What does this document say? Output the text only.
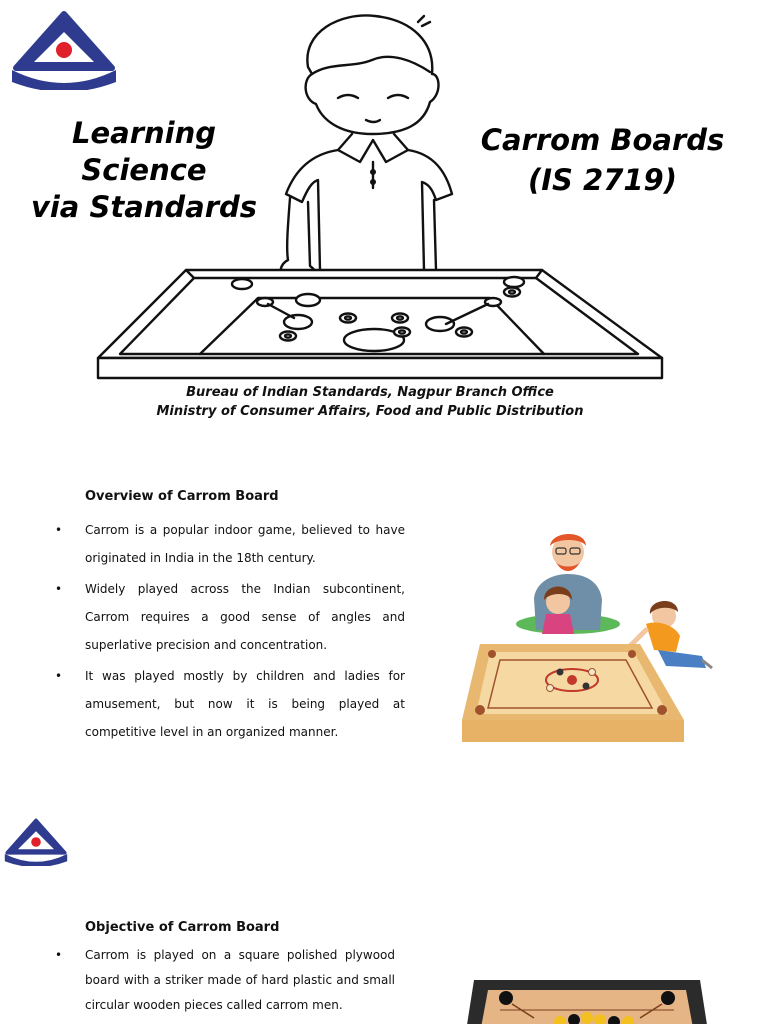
मानकः पथप्रदर्शकः
Learning Science
via Standards
Carrom Boards
(IS 2719)
Bureau of Indian Standards, Nagpur Branch Office
Ministry of Consumer Affairs, Food and Public Distribution
Overview of Carrom Board
• Carrom is a popular indoor game, believed to have originated in India in the 18th century.
• Widely played across the Indian subcontinent, Carrom requires a good sense of angles and superlative precision and concentration.
• It was played mostly by children and ladies for amusement, but now it is being played at competitive level in an organized manner.
Objective of Carrom Board
• Carrom is played on a square polished plywood board with a striker made of hard plastic and small circular wooden pieces called carrom men.
